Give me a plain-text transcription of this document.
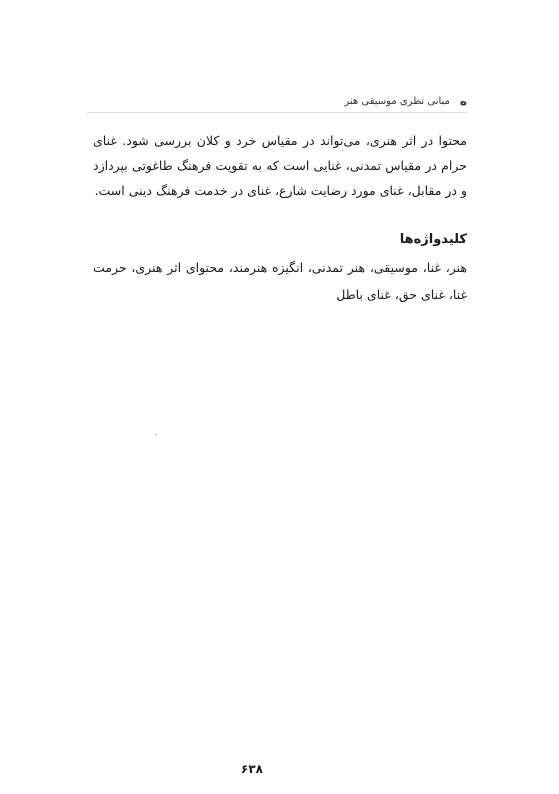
ه
مبانی نظری موسیقی هنر

محتوا در اثر هنری، می‌تواند در مقیاس خرد و کلان بررسی شود. غنای حرام در مقیاس تمدنی، غنایی است که به تقویت فرهنگ طاغوتی بپردازد و در مقابل، غنای مورد رضایت شارع، غنای در خدمت فرهنگ دینی است.

کلیدواژه‌ها

هنر، غنا، موسیقی، هنر تمدنی، انگیزه هنرمند، محتوای اثر هنری، حرمت غنا، غنای حق، غنای باطل

۶۳۸
